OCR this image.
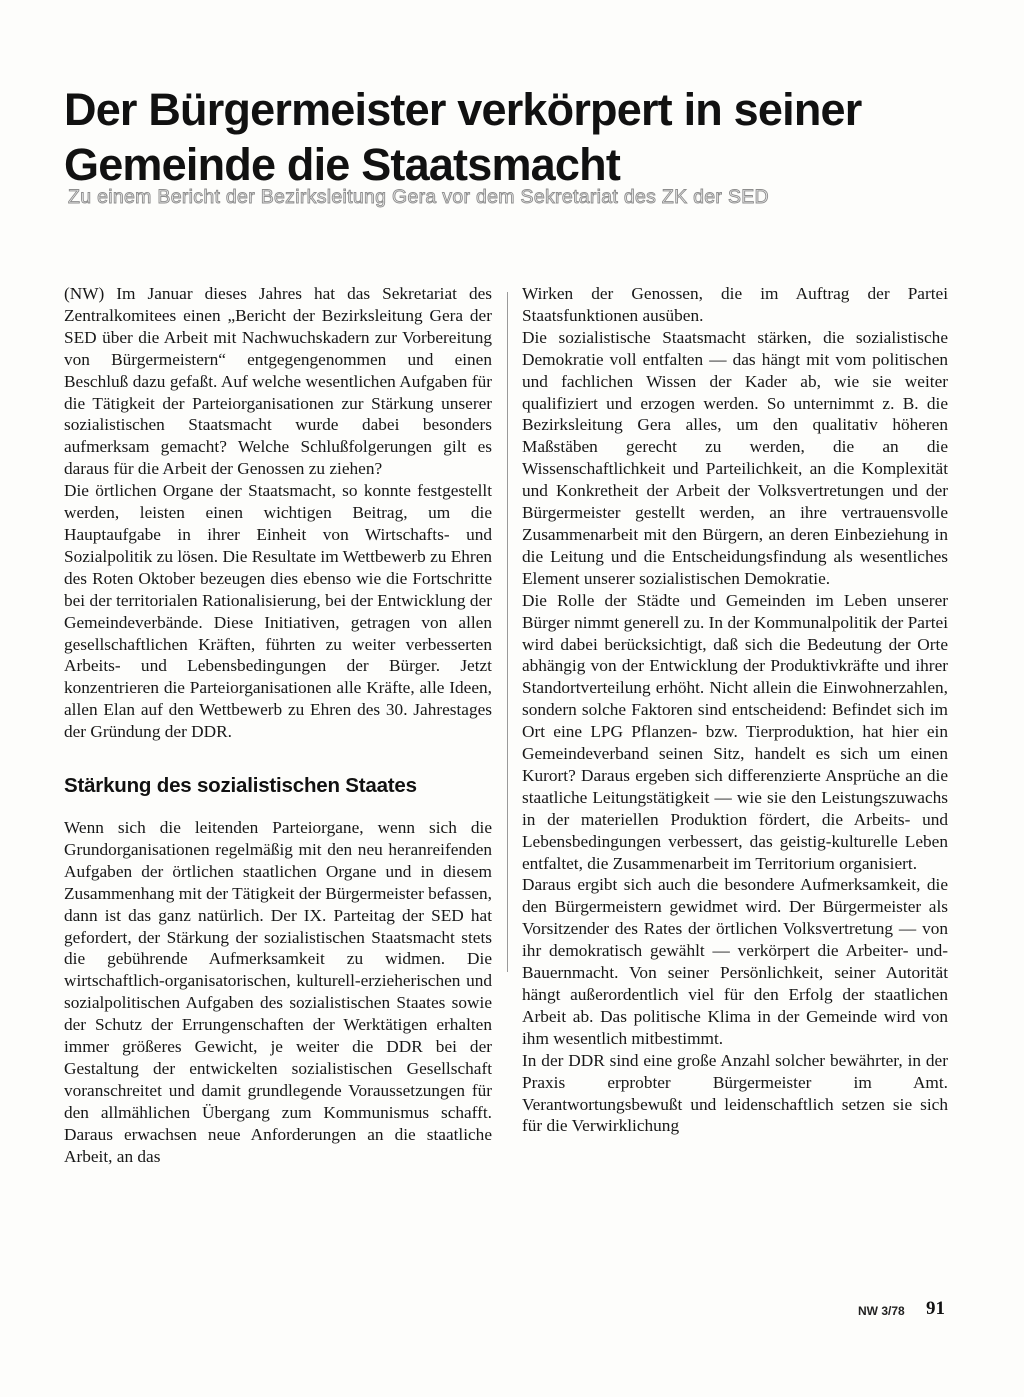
Der Bürgermeister verkörpert in seiner Gemeinde die Staatsmacht
Zu einem Bericht der Bezirksleitung Gera vor dem Sekretariat des ZK der SED

(NW) Im Januar dieses Jahres hat das Sekretariat des Zentralkomitees einen „Bericht der Bezirksleitung Gera der SED über die Arbeit mit Nachwuchskadern zur Vorbereitung von Bürgermeistern“ entgegengenommen und einen Beschluß dazu gefaßt. Auf welche wesentlichen Aufgaben für die Tätigkeit der Parteiorganisationen zur Stärkung unserer sozialistischen Staatsmacht wurde dabei besonders aufmerksam gemacht? Welche Schlußfolgerungen gilt es daraus für die Arbeit der Genossen zu ziehen?

Die örtlichen Organe der Staatsmacht, so konnte festgestellt werden, leisten einen wichtigen Beitrag, um die Hauptaufgabe in ihrer Einheit von Wirtschafts- und Sozialpolitik zu lösen. Die Resultate im Wettbewerb zu Ehren des Roten Oktober bezeugen dies ebenso wie die Fortschritte bei der territorialen Rationalisierung, bei der Entwicklung der Gemeindeverbände. Diese Initiativen, getragen von allen gesellschaftlichen Kräften, führten zu weiter verbesserten Arbeits- und Lebensbedingungen der Bürger. Jetzt konzentrieren die Parteiorganisationen alle Kräfte, alle Ideen, allen Elan auf den Wettbewerb zu Ehren des 30. Jahrestages der Gründung der DDR.

Stärkung des sozialistischen Staates

Wenn sich die leitenden Parteiorgane, wenn sich die Grundorganisationen regelmäßig mit den neu heranreifenden Aufgaben der örtlichen staatlichen Organe und in diesem Zusammenhang mit der Tätigkeit der Bürgermeister befassen, dann ist das ganz natürlich. Der IX. Parteitag der SED hat gefordert, der Stärkung der sozialistischen Staatsmacht stets die gebührende Aufmerksamkeit zu widmen. Die wirtschaftlich-organisatorischen, kulturell-erzieherischen und sozialpolitischen Aufgaben des sozialistischen Staates sowie der Schutz der Errungenschaften der Werktätigen erhalten immer größeres Gewicht, je weiter die DDR bei der Gestaltung der entwickelten sozialistischen Gesellschaft voranschreitet und damit grundlegende Voraussetzungen für den allmählichen Übergang zum Kommunismus schafft. Daraus erwachsen neue Anforderungen an die staatliche Arbeit, an das

Wirken der Genossen, die im Auftrag der Partei Staatsfunktionen ausüben.

Die sozialistische Staatsmacht stärken, die sozialistische Demokratie voll entfalten — das hängt mit vom politischen und fachlichen Wissen der Kader ab, wie sie weiter qualifiziert und erzogen werden. So unternimmt z. B. die Bezirksleitung Gera alles, um den qualitativ höheren Maßstäben gerecht zu werden, die an die Wissenschaftlichkeit und Parteilichkeit, an die Komplexität und Konkretheit der Arbeit der Volksvertretungen und der Bürgermeister gestellt werden, an ihre vertrauensvolle Zusammenarbeit mit den Bürgern, an deren Einbeziehung in die Leitung und die Entscheidungsfindung als wesentliches Element unserer sozialistischen Demokratie.

Die Rolle der Städte und Gemeinden im Leben unserer Bürger nimmt generell zu. In der Kommunalpolitik der Partei wird dabei berücksichtigt, daß sich die Bedeutung der Orte abhängig von der Entwicklung der Produktivkräfte und ihrer Standortverteilung erhöht. Nicht allein die Einwohnerzahlen, sondern solche Faktoren sind entscheidend: Befindet sich im Ort eine LPG Pflanzen- bzw. Tierproduktion, hat hier ein Gemeindeverband seinen Sitz, handelt es sich um einen Kurort? Daraus ergeben sich differenzierte Ansprüche an die staatliche Leitungstätigkeit — wie sie den Leistungszuwachs in der materiellen Produktion fördert, die Arbeits- und Lebensbedingungen verbessert, das geistig-kulturelle Leben entfaltet, die Zusammenarbeit im Territorium organisiert.

Daraus ergibt sich auch die besondere Aufmerksamkeit, die den Bürgermeistern gewidmet wird. Der Bürgermeister als Vorsitzender des Rates der örtlichen Volksvertretung — von ihr demokratisch gewählt — verkörpert die Arbeiter- und-Bauernmacht. Von seiner Persönlichkeit, seiner Autorität hängt außerordentlich viel für den Erfolg der staatlichen Arbeit ab. Das politische Klima in der Gemeinde wird von ihm wesentlich mitbestimmt.

In der DDR sind eine große Anzahl solcher bewährter, in der Praxis erprobter Bürgermeister im Amt. Verantwortungsbewußt und leidenschaftlich setzen sie sich für die Verwirklichung

NW 3/78 91
